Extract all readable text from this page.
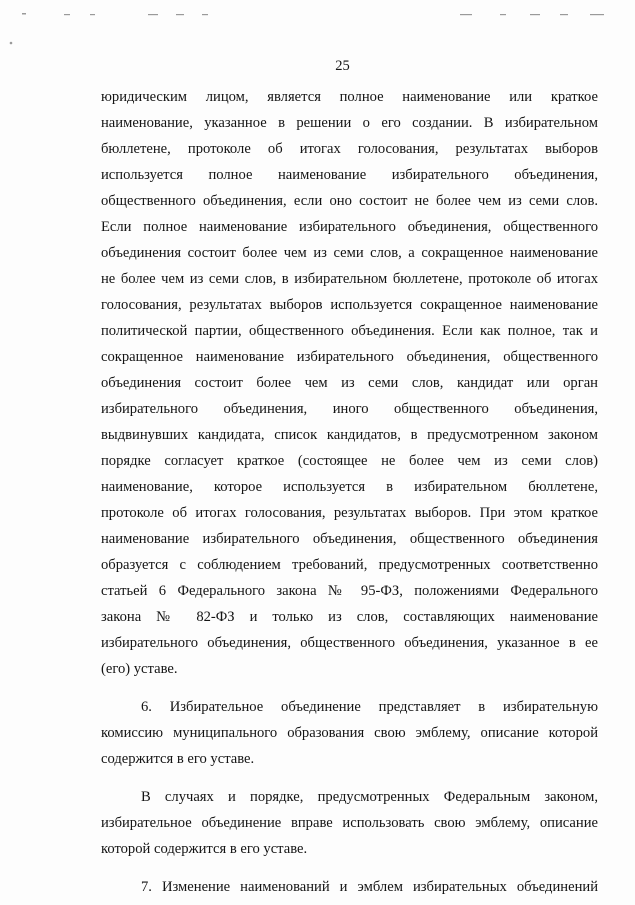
25
юридическим лицом, является полное наименование или краткое
наименование, указанное в решении о его создании. В избирательном
бюллетене, протоколе об итогах голосования, результатах выборов
используется полное наименование избирательного объединения,
общественного объединения, если оно состоит не более чем из семи слов.
Если полное наименование избирательного объединения, общественного
объединения состоит более чем из семи слов, а сокращенное наименование
не более чем из семи слов, в избирательном бюллетене, протоколе об итогах
голосования, результатах выборов используется сокращенное наименование
политической партии, общественного объединения. Если как полное, так и
сокращенное наименование избирательного объединения, общественного
объединения состоит более чем из семи слов, кандидат или орган
избирательного объединения, иного общественного объединения,
выдвинувших кандидата, список кандидатов, в предусмотренном законом
порядке согласует краткое (состоящее не более чем из семи слов)
наименование, которое используется в избирательном бюллетене,
протоколе об итогах голосования, результатах выборов. При этом краткое
наименование избирательного объединения, общественного объединения
образуется с соблюдением требований, предусмотренных соответственно
статьей 6 Федерального закона № 95-ФЗ, положениями Федерального
закона № 82-ФЗ и только из слов, составляющих наименование
избирательного объединения, общественного объединения, указанное в ее
(его) уставе.
6. Избирательное объединение представляет в избирательную
комиссию муниципального образования свою эмблему, описание которой
содержится в его уставе.
В случаях и порядке, предусмотренных Федеральным законом,
избирательное объединение вправе использовать свою эмблему, описание
которой содержится в его уставе.
7. Изменение наименований и эмблем избирательных объединений
